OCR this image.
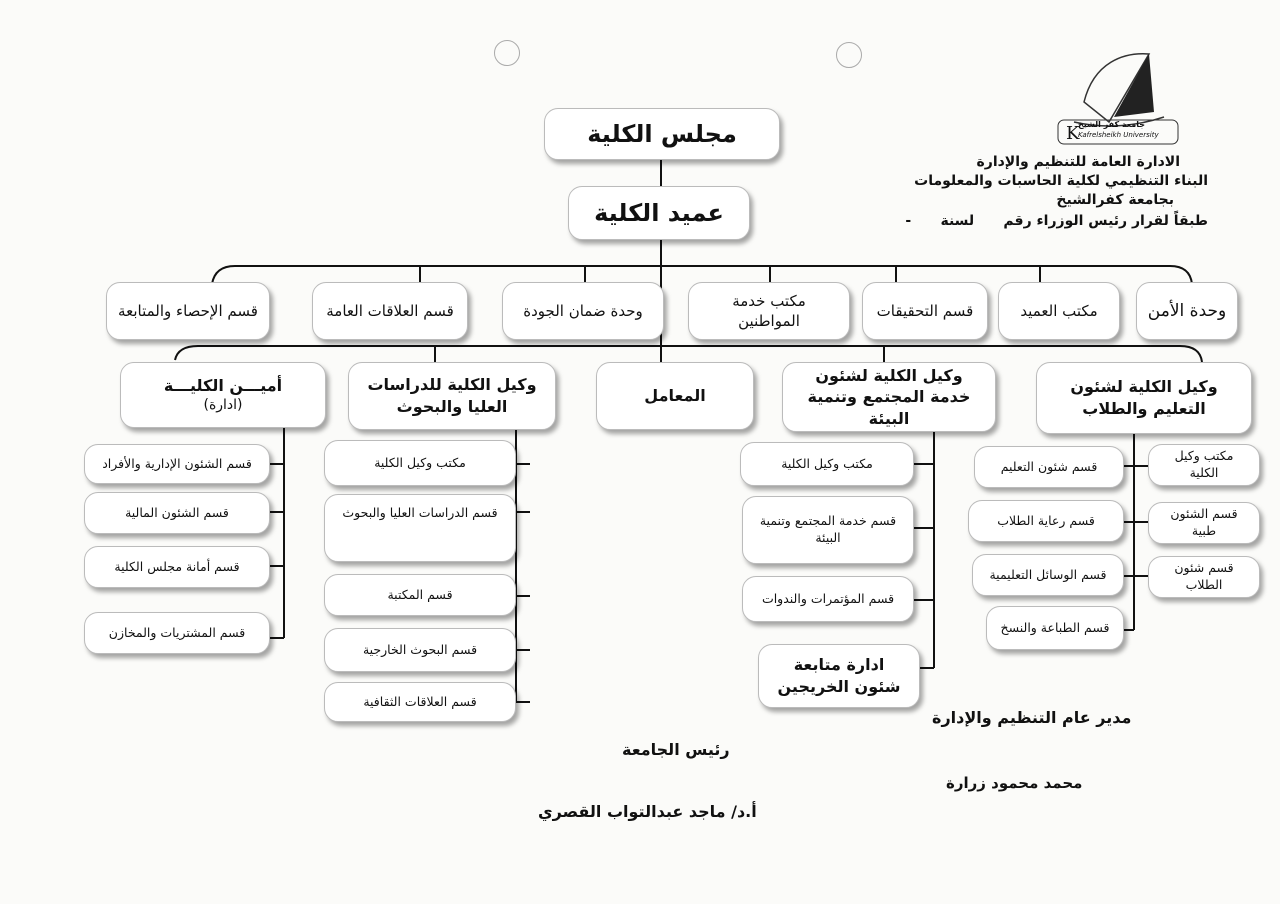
K
جامعة كفر الشيخ
Kafrelsheikh University
الادارة العامة للتنظيم والإدارة
البناء التنظيمي لكلية الحاسبات والمعلومات
بجامعة كفرالشيخ
طبقاً لقرار رئيس الوزراء رقم      لسنة      -
مجلس الكلية
عميد الكلية
وحدة الأمن
مكتب العميد
قسم التحقيقات
مكتب خدمة المواطنين
وحدة ضمان الجودة
قسم العلاقات العامة
قسم الإحصاء والمتابعة
وكيل الكلية لشئون التعليم والطلاب
وكيل الكلية لشئون خدمة المجتمع وتنمية البيئة
المعامل
وكيل الكلية للدراسات العليا والبحوث
أميـــن الكليـــة
(ادارة)
قسم شئون التعليم
قسم رعاية الطلاب
قسم الوسائل التعليمية
قسم الطباعة والنسخ
مكتب وكيل الكلية
قسم الشئون طبية
قسم شئون الطلاب
مكتب وكيل الكلية
قسم خدمة المجتمع وتنمية البيئة
قسم المؤتمرات والندوات
ادارة متابعة شئون الخريجين
مكتب وكيل الكلية
قسم الدراسات العليا والبحوث
قسم المكتبة
قسم البحوث الخارجية
قسم العلاقات الثقافية
قسم الشئون الإدارية والأفراد
قسم الشئون المالية
قسم أمانة مجلس الكلية
قسم المشتريات والمخازن
مدير عام التنظيم والإدارة
محمد محمود زرارة
رئيس الجامعة
أ.د/ ماجد عبدالتواب القصري
